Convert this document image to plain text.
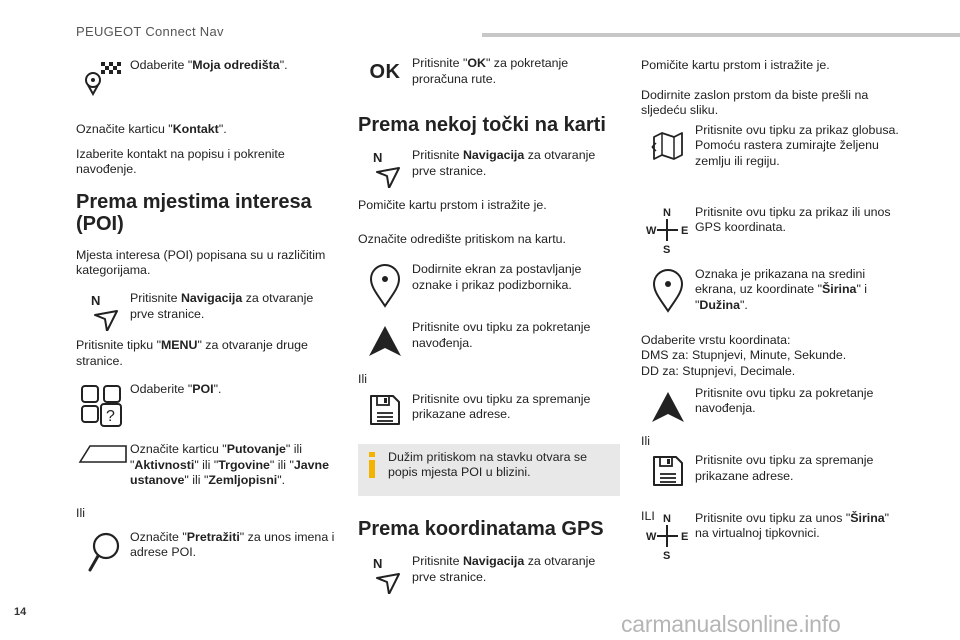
PEUGEOT Connect Nav
Odaberite "Moja odredišta".

Označite karticu "Kontakt".

Izaberite kontakt na popisu i pokrenite navođenje.

Prema mjestima interesa (POI)

Mjesta interesa (POI) popisana su u različitim kategorijama.

N Pritisnite Navigacija za otvaranje prve stranice.

Pritisnite tipku "MENU" za otvaranje druge stranice.

?
Odaberite "POI".
Označite karticu "Putovanje" ili "Aktivnosti" ili "Trgovine" ili "Javne ustanove" ili "Zemljopisni".

Ili

Označite "Pretražiti" za unos imena i adrese POI.
OK Pritisnite "OK" za pokretanje proračuna rute.
Prema nekoj točki na karti
N Pritisnite Navigacija za otvaranje prve stranice.

Pomičite kartu prstom i istražite je.

Označite odredište pritiskom na kartu.

Dodirnite ekran za postavljanje oznake i prikaz podizbornika.
Pritisnite ovu tipku za pokretanje navođenja.

Ili

Pritisnite ovu tipku za spremanje prikazane adrese.
Dužim pritiskom na stavku otvara se popis mjesta POI u blizini.
Prema koordinatama GPS
N Pritisnite Navigacija za otvaranje prve stranice.

Pomičite kartu prstom i istražite je.

Dodirnite zaslon prstom da biste prešli na sljedeću sliku.

Pritisnite ovu tipku za prikaz globusa.
Pomoću rastera zumirajte željenu zemlju ili regiju.
N
S
W E
Pritisnite ovu tipku za prikaz ili unos GPS koordinata.
Oznaka je prikazana na sredini ekrana, uz koordinate "Širina" i "Dužina".
Odaberite vrstu koordinata:
DMS za: Stupnjevi, Minute, Sekunde.
DD za: Stupnjevi, Decimale.
Pritisnite ovu tipku za pokretanje navođenja.

Ili

Pritisnite ovu tipku za spremanje prikazane adrese.

ILI N
S
W E
Pritisnite ovu tipku za unos "Širina" na virtualnoj tipkovnici.
14	carmanualsonline.info
